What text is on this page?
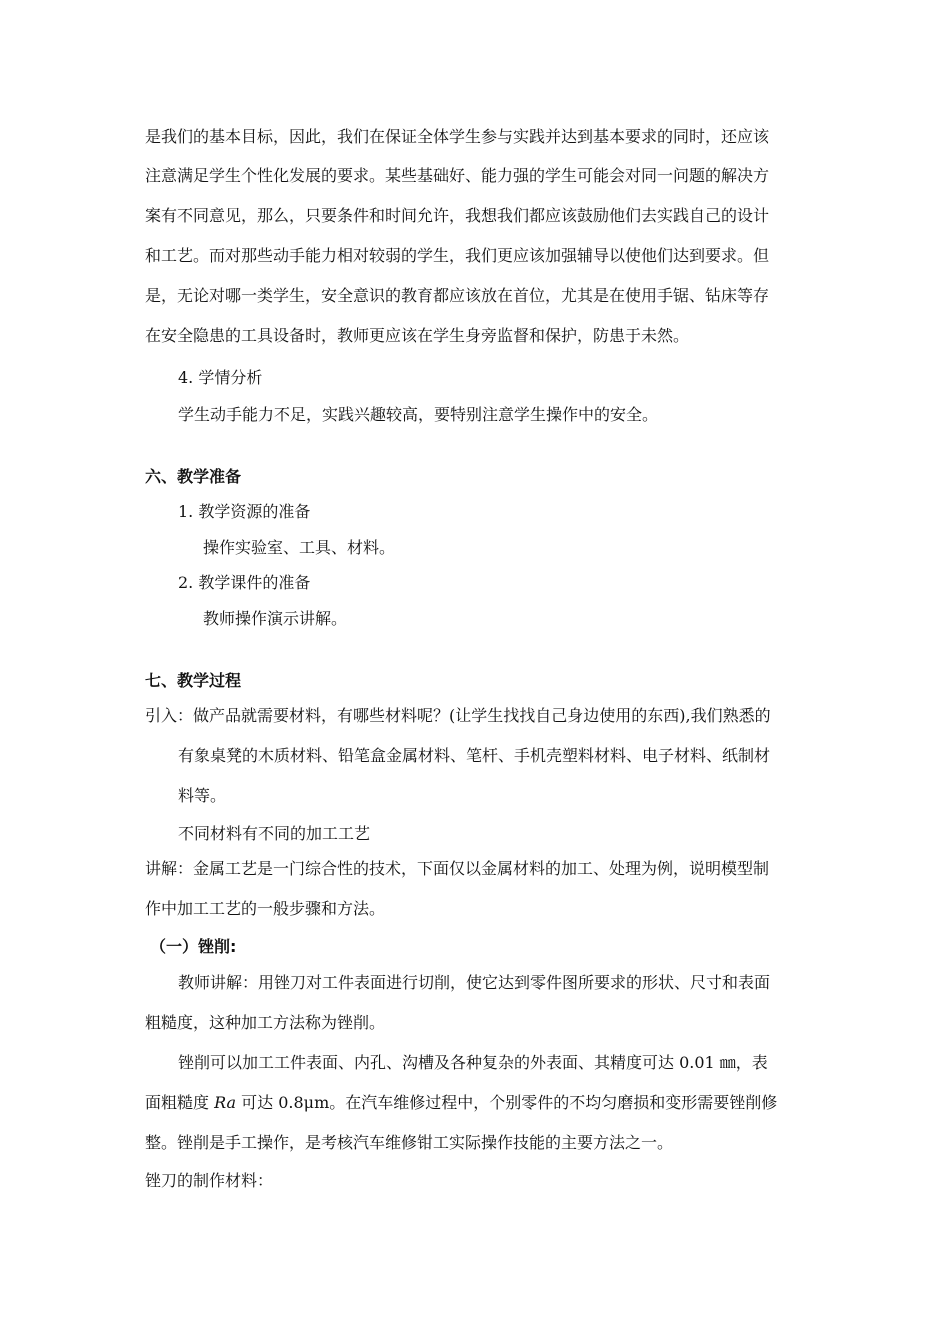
是我们的基本目标，因此，我们在保证全体学生参与实践并达到基本要求的同时，还应该
注意满足学生个性化发展的要求。某些基础好、能力强的学生可能会对同一问题的解决方
案有不同意见，那么，只要条件和时间允许，我想我们都应该鼓励他们去实践自己的设计
和工艺。而对那些动手能力相对较弱的学生，我们更应该加强辅导以使他们达到要求。但
是，无论对哪一类学生，安全意识的教育都应该放在首位，尤其是在使用手锯、钻床等存
在安全隐患的工具设备时，教师更应该在学生身旁监督和保护，防患于未然。
4. 学情分析
学生动手能力不足，实践兴趣较高，要特别注意学生操作中的安全。
六、教学准备
1. 教学资源的准备
操作实验室、工具、材料。
2. 教学课件的准备
教师操作演示讲解。
七、教学过程
引入：做产品就需要材料，有哪些材料呢？(让学生找找自己身边使用的东西),我们熟悉的
有象桌凳的木质材料、铅笔盒金属材料、笔杆、手机壳塑料材料、电子材料、纸制材
料等。
不同材料有不同的加工工艺
讲解：金属工艺是一门综合性的技术，下面仅以金属材料的加工、处理为例，说明模型制
作中加工工艺的一般步骤和方法。
（一）锉削:
教师讲解：用锉刀对工件表面进行切削，使它达到零件图所要求的形状、尺寸和表面
粗糙度，这种加工方法称为锉削。
锉削可以加工工件表面、内孔、沟槽及各种复杂的外表面、其精度可达 0.01 ㎜，表
面粗糙度 Ra 可达 0.8μm。在汽车维修过程中，个别零件的不均匀磨损和变形需要锉削修
整。锉削是手工操作，是考核汽车维修钳工实际操作技能的主要方法之一。
锉刀的制作材料：
